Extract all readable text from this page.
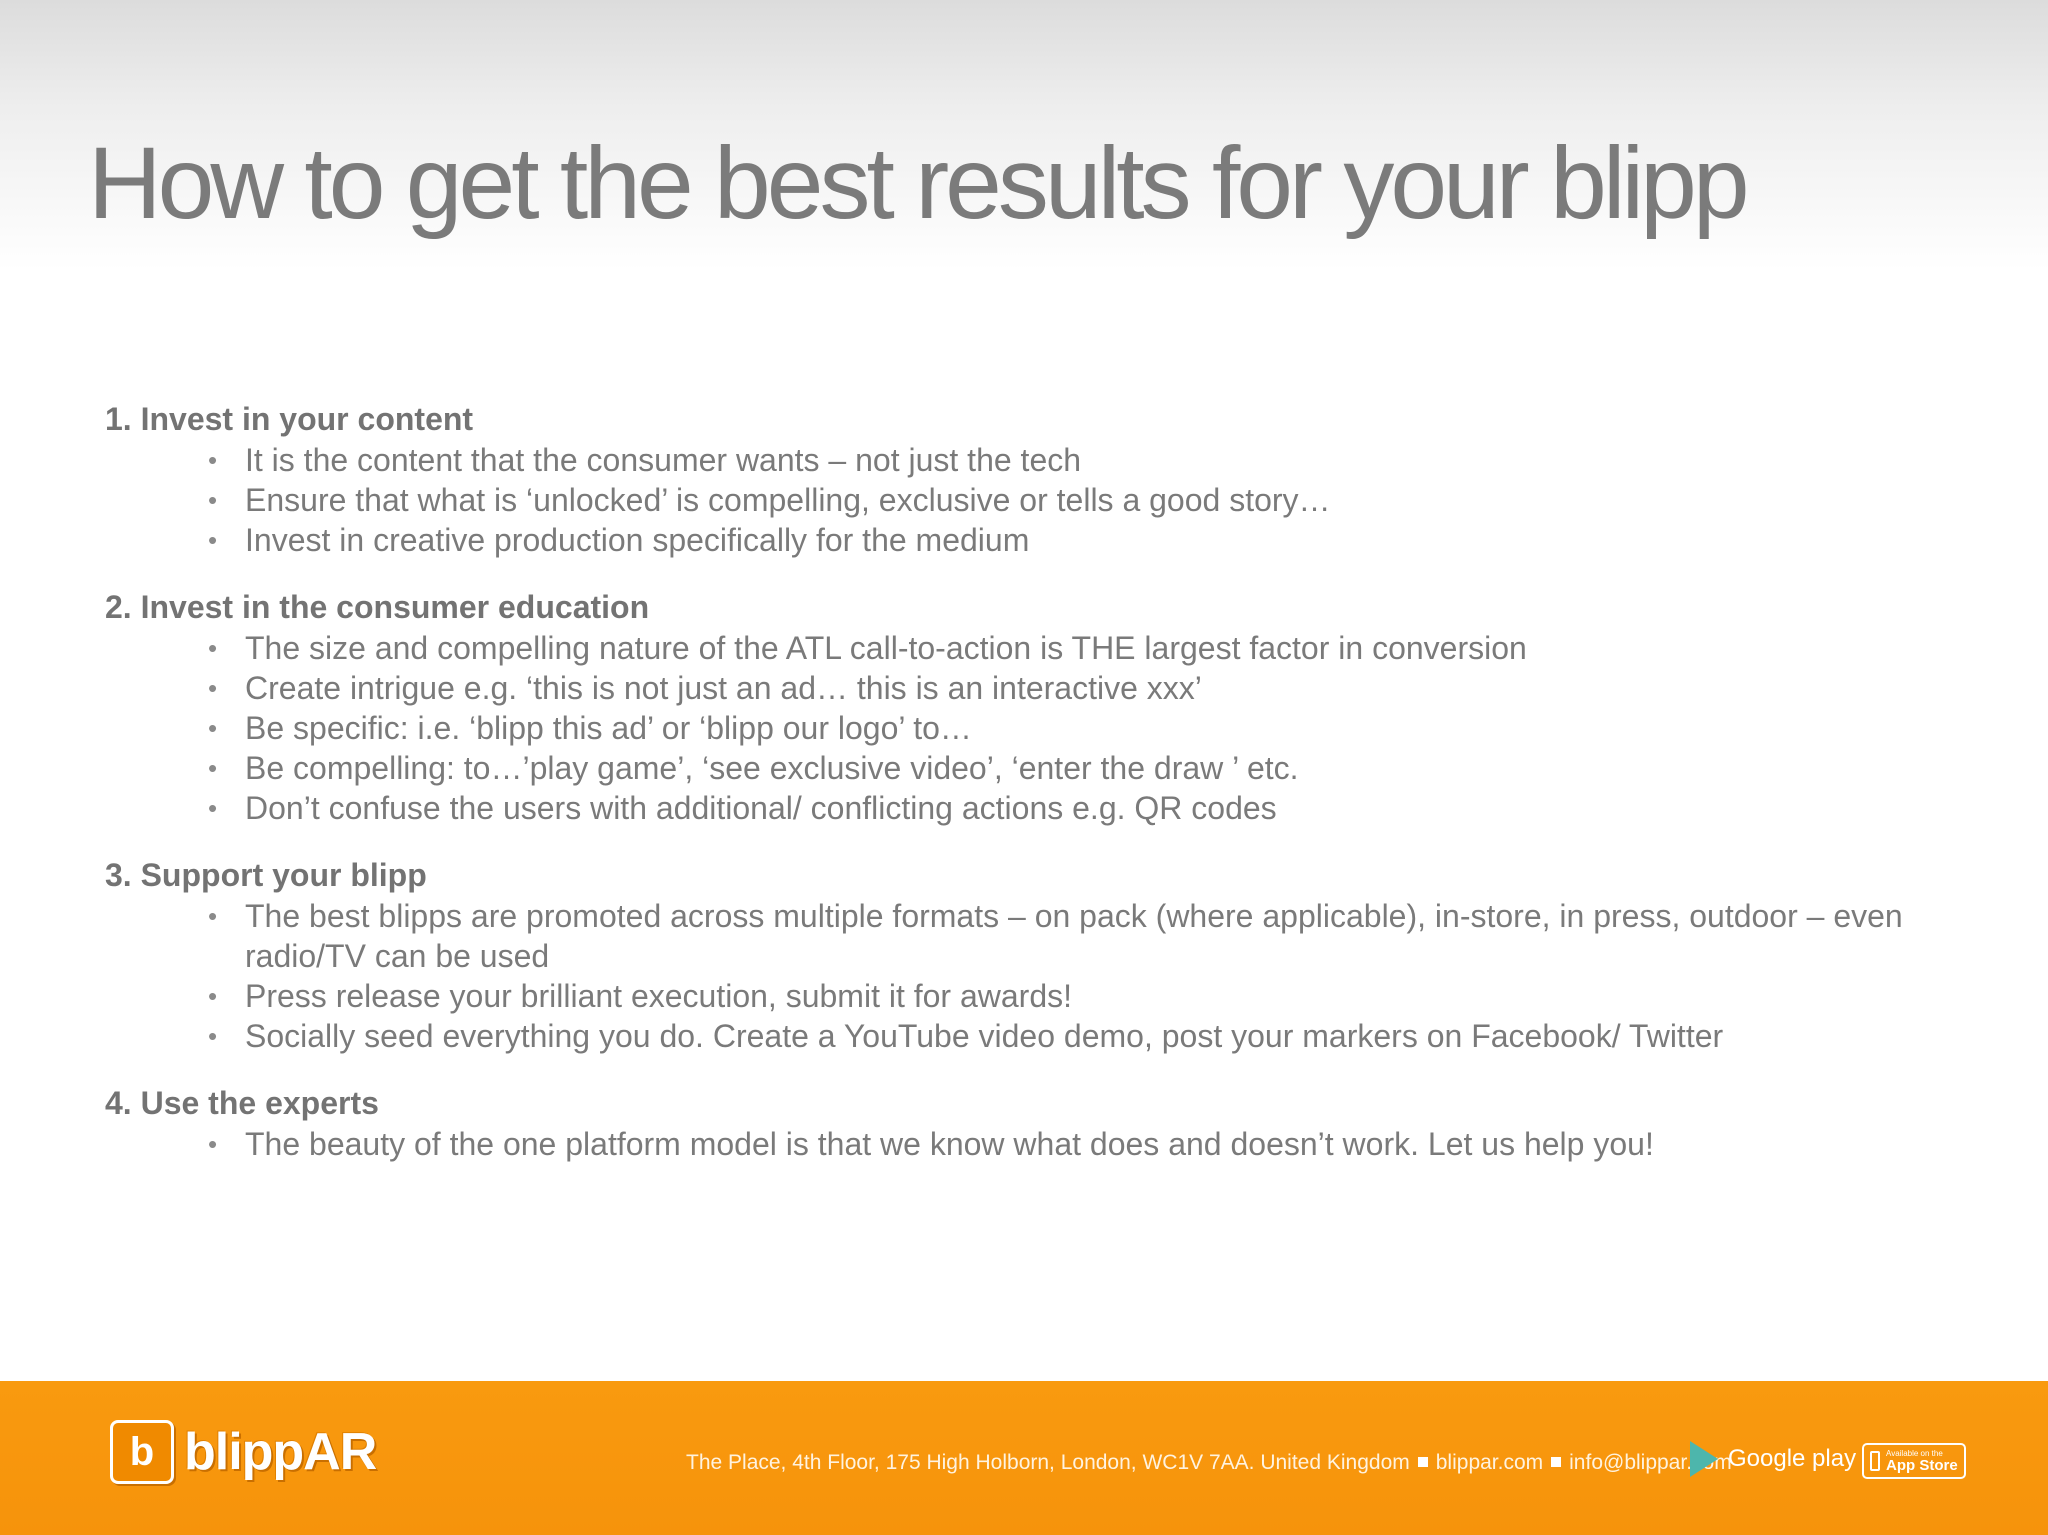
How to get the best results for your blipp

1. Invest in your content

• It is the content that the consumer wants – not just the tech
• Ensure that what is ‘unlocked’ is compelling, exclusive or tells a good story…
• Invest in creative production specifically for the medium

2. Invest in the consumer education

• The size and compelling nature of the ATL call-to-action is THE largest factor in conversion
• Create intrigue e.g. ‘this is not just an ad… this is an interactive xxx’
• Be specific: i.e. ‘blipp this ad’ or ‘blipp our logo’ to…
• Be compelling: to…’play game’, ‘see exclusive video’, ‘enter the draw ’ etc.
• Don’t confuse the users with additional/ conflicting actions e.g. QR codes

3. Support your blipp

• The best blipps are promoted across multiple formats – on pack (where applicable), in-store, in press, outdoor – even radio/TV can be used
• Press release your brilliant execution, submit it for awards!
• Socially seed everything you do. Create a YouTube video demo, post your markers on Facebook/ Twitter

4. Use the experts

• The beauty of the one platform model is that we know what does and doesn’t work. Let us help you!
b blippAR	The Place, 4th Floor, 175 High Holborn, London, WC1V 7AA. United Kingdom blippar.com info@blippar.com
Google play	Available on the
App Store
